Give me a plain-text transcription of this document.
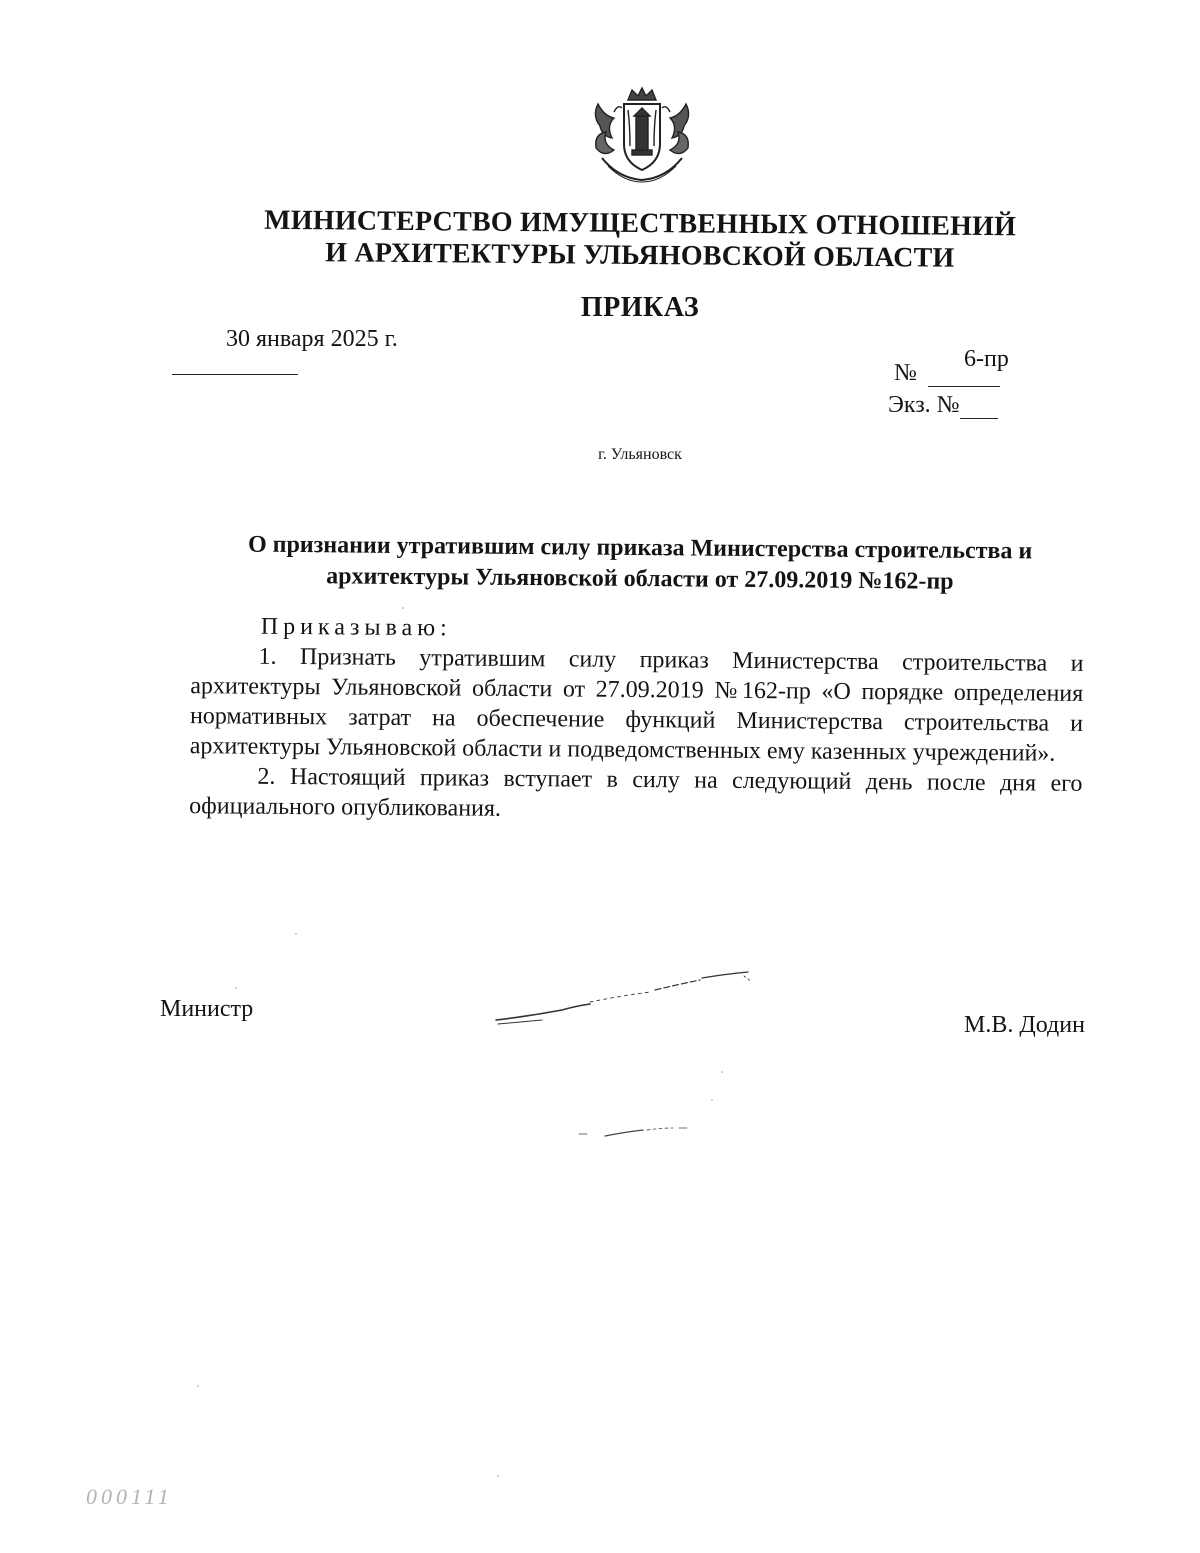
МИНИСТЕРСТВО ИМУЩЕСТВЕННЫХ ОТНОШЕНИЙ
И АРХИТЕКТУРЫ УЛЬЯНОВСКОЙ ОБЛАСТИ
ПРИКАЗ
30 января 2025 г.
№
6-пр
Экз. №
г. Ульяновск
О признании утратившим силу приказа Министерства строительства и
архитектуры Ульяновской области от 27.09.2019 №162-пр
Приказываю:

1. Признать утратившим силу приказ Министерства строительства и архитектуры Ульяновской области от 27.09.2019 №162-пр «О порядке определения нормативных затрат на обеспечение функций Министерства строительства и архитектуры Ульяновской области и подведомственных ему казенных учреждений».

2. Настоящий приказ вступает в силу на следующий день после дня его официального опубликования.

Министр
М.В. Додин
000111
